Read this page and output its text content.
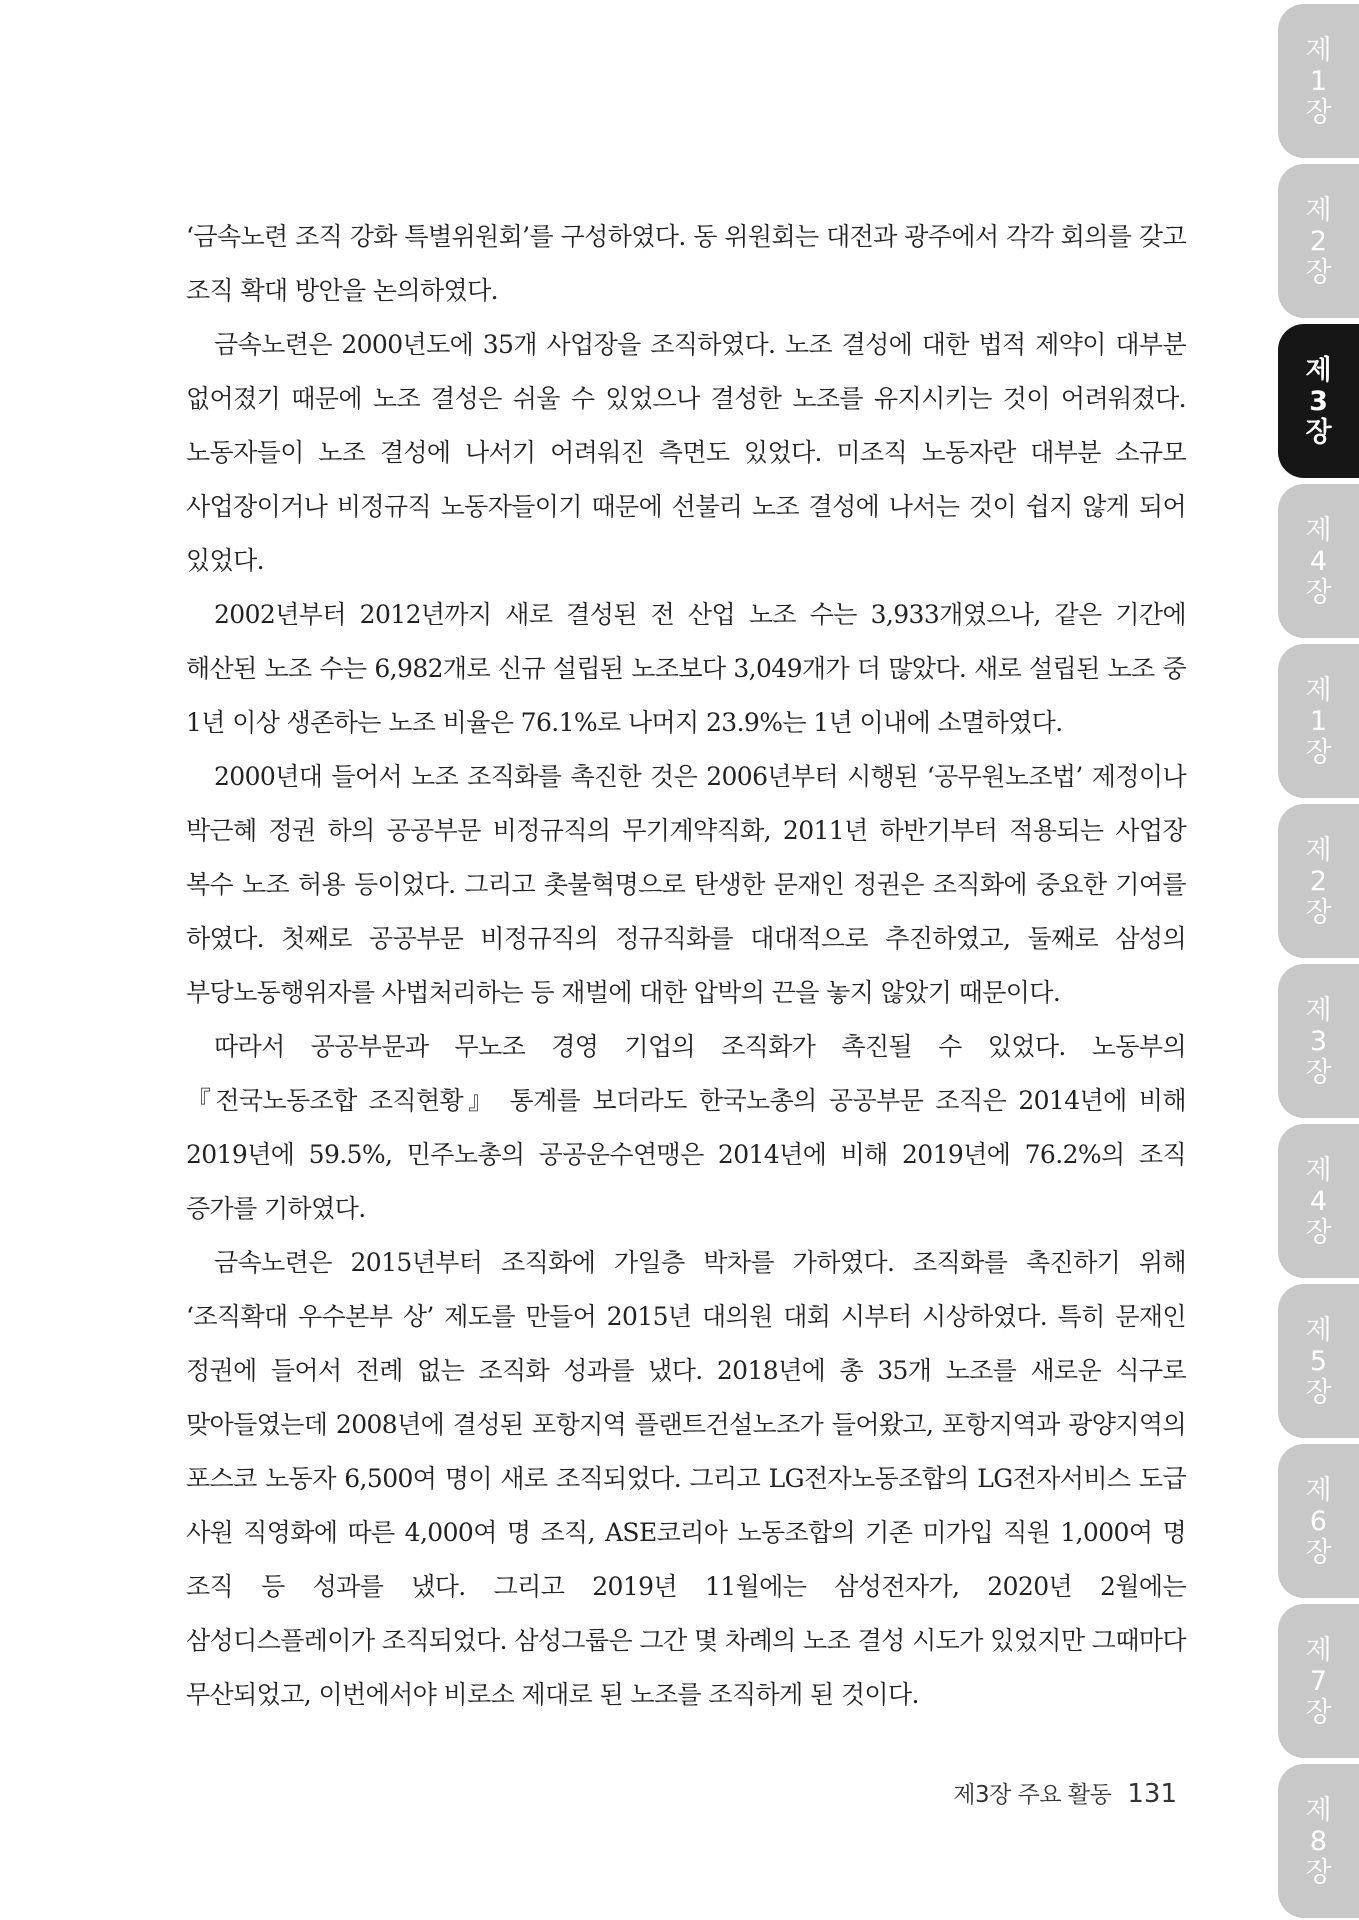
‘금속노련 조직 강화 특별위원회’를 구성하였다. 동 위원회는 대전과 광주에서 각각 회의를 갖고 조직 확대 방안을 논의하였다.

금속노련은 2000년도에 35개 사업장을 조직하였다. 노조 결성에 대한 법적 제약이 대부분 없어졌기 때문에 노조 결성은 쉬울 수 있었으나 결성한 노조를 유지시키는 것이 어려워졌다. 노동자들이 노조 결성에 나서기 어려워진 측면도 있었다. 미조직 노동자란 대부분 소규모 사업장이거나 비정규직 노동자들이기 때문에 선불리 노조 결성에 나서는 것이 쉽지 않게 되어 있었다.

2002년부터 2012년까지 새로 결성된 전 산업 노조 수는 3,933개였으나, 같은 기간에 해산된 노조 수는 6,982개로 신규 설립된 노조보다 3,049개가 더 많았다. 새로 설립된 노조 중 1년 이상 생존하는 노조 비율은 76.1%로 나머지 23.9%는 1년 이내에 소멸하였다.

2000년대 들어서 노조 조직화를 촉진한 것은 2006년부터 시행된 ‘공무원노조법’ 제정이나 박근혜 정권 하의 공공부문 비정규직의 무기계약직화, 2011년 하반기부터 적용되는 사업장 복수 노조 허용 등이었다. 그리고 촛불혁명으로 탄생한 문재인 정권은 조직화에 중요한 기여를 하였다. 첫째로 공공부문 비정규직의 정규직화를 대대적으로 추진하였고, 둘째로 삼성의 부당노동행위자를 사법처리하는 등 재벌에 대한 압박의 끈을 놓지 않았기 때문이다.

따라서 공공부문과 무노조 경영 기업의 조직화가 촉진될 수 있었다. 노동부의 『전국노동조합 조직현황』 통계를 보더라도 한국노총의 공공부문 조직은 2014년에 비해 2019년에 59.5%, 민주노총의 공공운수연맹은 2014년에 비해 2019년에 76.2%의 조직 증가를 기하였다.

금속노련은 2015년부터 조직화에 가일층 박차를 가하였다. 조직화를 촉진하기 위해 ‘조직확대 우수본부 상’ 제도를 만들어 2015년 대의원 대회 시부터 시상하였다. 특히 문재인 정권에 들어서 전례 없는 조직화 성과를 냈다. 2018년에 총 35개 노조를 새로운 식구로 맞아들였는데 2008년에 결성된 포항지역 플랜트건설노조가 들어왔고, 포항지역과 광양지역의 포스코 노동자 6,500여 명이 새로 조직되었다. 그리고 LG전자노동조합의 LG전자서비스 도급 사원 직영화에 따른 4,000여 명 조직, ASE코리아 노동조합의 기존 미가입 직원 1,000여 명 조직 등 성과를 냈다. 그리고 2019년 11월에는 삼성전자가, 2020년 2월에는 삼성디스플레이가 조직되었다. 삼성그룹은 그간 몇 차례의 노조 결성 시도가 있었지만 그때마다 무산되었고, 이번에서야 비로소 제대로 된 노조를 조직하게 된 것이다.

제3장 주요 활동 131
제1장
제2장
제3장
제4장
제1장
제2장
제3장
제4장
제5장
제6장
제7장
제8장
